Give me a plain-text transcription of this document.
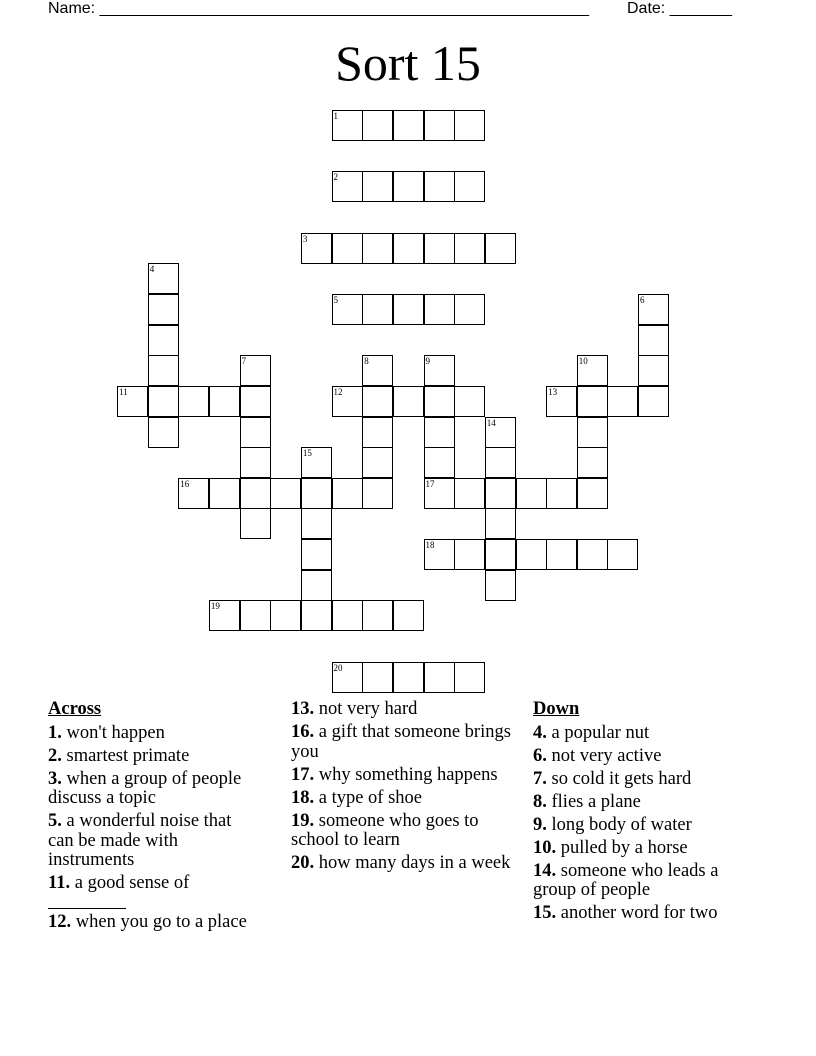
Name: _______________________________________________________ Date: _______
Sort 15
1
2
3
4
5	6
7	8	9
17
10
11	12	13
14
15
16
18
19
20
Across
1. won't happen
2. smartest primate
3. when a group of people discuss a topic
5. a wonderful noise that can be made with instruments
11. a good sense of
12. when you go to a place
13. not very hard
16. a gift that someone brings you
17. why something happens
18. a type of shoe
19. someone who goes to school to learn
20. how many days in a week
Down
4. a popular nut
6. not very active
7. so cold it gets hard
8. flies a plane
9. long body of water
10. pulled by a horse
14. someone who leads a group of people
15. another word for two
